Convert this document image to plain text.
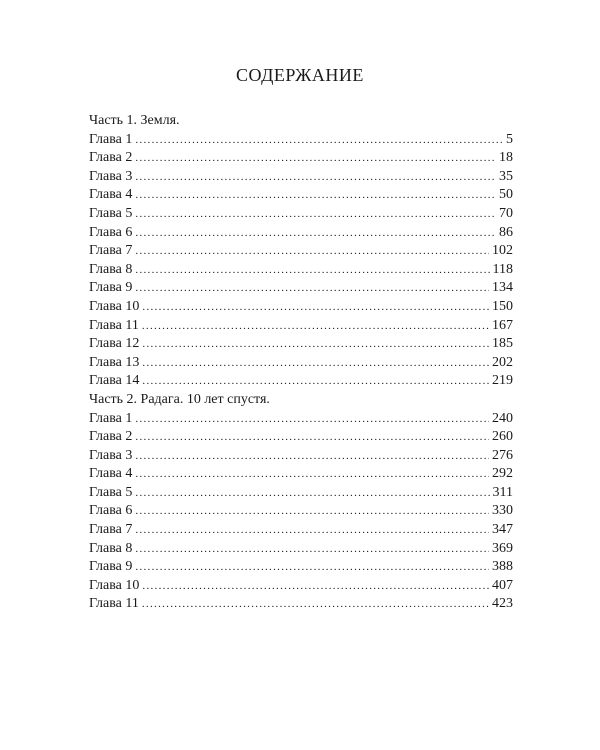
СОДЕРЖАНИЕ
Часть 1. Земля.
Глава 1 .....	5
Глава 2 .....	18
Глава 3 .....	35
Глава 4 .....	50
Глава 5 .....	70
Глава 6 .....	86
Глава 7 .....	102
Глава 8 .....	118
Глава 9 .....	134
Глава 10 .....	150
Глава 11 .....	167
Глава 12 .....	185
Глава 13 .....	202
Глава 14 .....	219
Часть 2. Радага. 10 лет спустя.
Глава 1 .....	240
Глава 2 .....	260
Глава 3 .....	276
Глава 4 .....	292
Глава 5 .....	311
Глава 6 .....	330
Глава 7 .....	347
Глава 8 .....	369
Глава 9 .....	388
Глава 10 .....	407
Глава 11 .....	423
